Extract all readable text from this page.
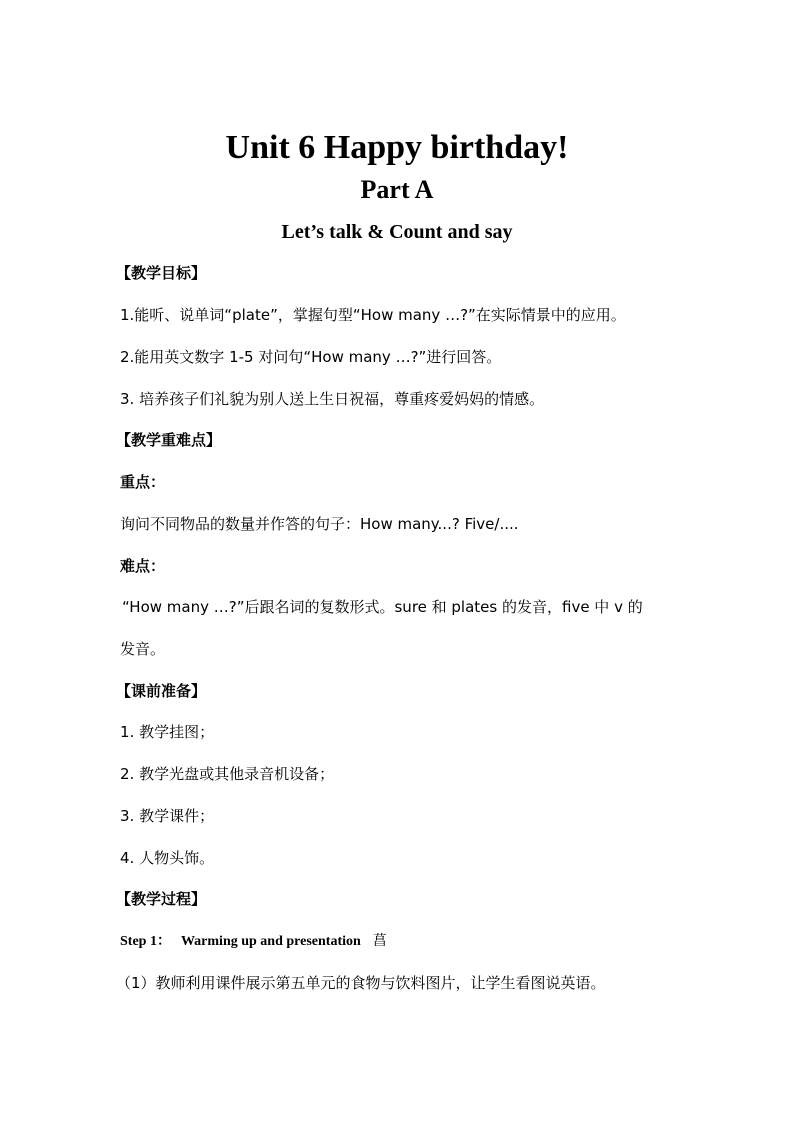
Unit 6 Happy birthday!
Part A
Let’s talk & Count and say
【教学目标】
1.能听、说单词“plate”，掌握句型“How many …?”在实际情景中的应用。
2.能用英文数字 1-5 对问句“How many …?”进行回答。
3. 培养孩子们礼貌为别人送上生日祝福，尊重疼爱妈妈的情感。
【教学重难点】
重点：
询问不同物品的数量并作答的句子：How many...? Five/....
难点：
“How many …?”后跟名词的复数形式。sure 和 plates 的发音，five 中 v 的
发音。
【课前准备】
1. 教学挂图；
2. 教学光盘或其他录音机设备；
3. 教学课件；
4. 人物头饰。
【教学过程】
Step 1： Warming up and presentation 菖
（1）教师利用课件展示第五单元的食物与饮料图片，让学生看图说英语。
